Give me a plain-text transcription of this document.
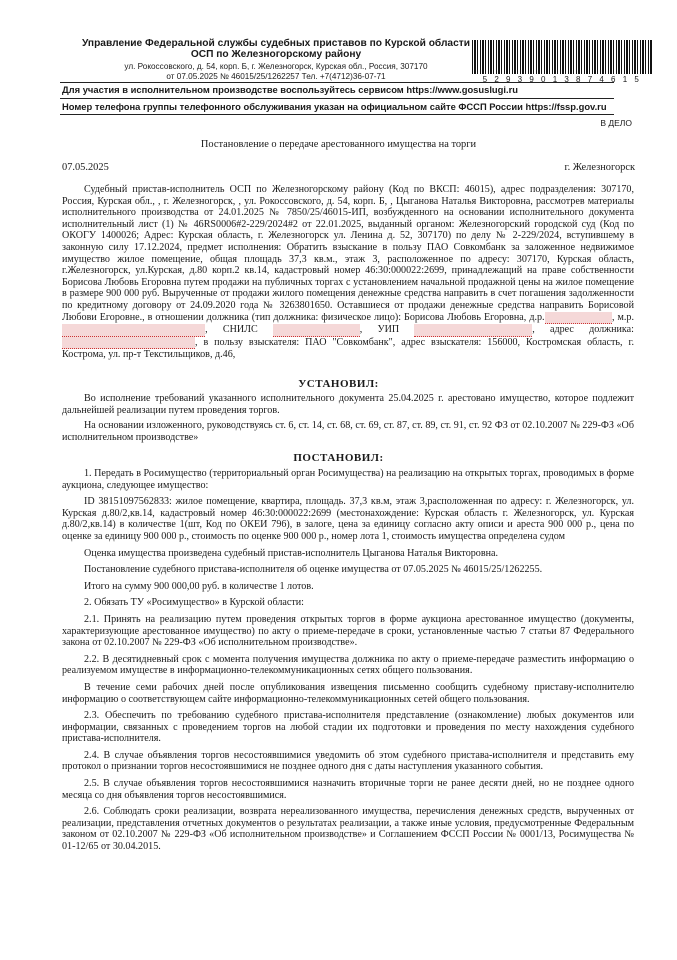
Управление Федеральной службы судебных приставов по Курской области
ОСП по Железногорскому району
ул. Рокоссовского, д. 54, корп. Б, г. Железногорск, Курская обл., Россия, 307170
от 07.05.2025 № 46015/25/1262257 Тел. +7(4712)36-07-71	5 2 9 3 9 0 1 3 8 7 4 6 1 5
Для участия в исполнительном производстве воспользуйтесь сервисом https://www.gosuslugi.ru
Номер телефона группы телефонного обслуживания указан на официальном сайте ФССП России https://fssp.gov.ru
В ДЕЛО
Постановление о передаче арестованного имущества на торги
07.05.2025	г. Железногорск

Судебный пристав-исполнитель ОСП по Железногорскому району (Код по ВКСП: 46015), адрес подразделения: 307170, Россия, Курская обл., , г. Железногорск, , ул. Рокоссовского, д. 54, корп. Б, , Цыганова Наталья Викторовна, рассмотрев материалы исполнительного производства от 24.01.2025 № 7850/25/46015-ИП, возбужденного на основании исполнительного документа исполнительный лист (1) № 46RS0006#2-229/2024#2 от 22.01.2025, выданный органом: Железногорский городской суд (Код по ОКОГУ 1400026; Адрес: Курская область, г. Железногорск ул. Ленина д. 52, 307170) по делу № 2-229/2024, вступившему в законную силу 17.12.2024, предмет исполнения: Обратить взыскание в пользу ПАО Совкомбанк за заложенное недвижимое имущество жилое помещение, общая площадь 37,3 кв.м., этаж 3, расположенное по адресу: 307170, Курская область, г.Железногорск, ул.Курская, д.80 корп.2 кв.14, кадастровый номер 46:30:000022:2699, принадлежащий на праве собственности Борисова Любовь Егоровна путем продажи на публичных торгах с установлением начальной продажной цены на жилое помещение в размере 900 000 руб. Вырученные от продажи жилого помещения денежные средства направить в счет погашения задолженности по кредитному договору от 24.09.2020 года № 3263801650. Оставшиеся от продажи денежные средства направить Борисовой Любови Егоровне., в отношении должника (тип должника: физическое лицо): Борисова Любовь Егоровна, д.р.	, м.р. , СНИЛС	, УИП	, адрес должника: , в пользу взыскателя: ПАО "Совкомбанк", адрес взыскателя: 156000, Костромская область, г. Кострома, ул. пр-т Текстильщиков, д.46,

УСТАНОВИЛ:

Во исполнение требований указанного исполнительного документа 25.04.2025 г. арестовано имущество, которое подлежит дальнейшей реализации путем проведения торгов.

На основании изложенного, руководствуясь ст. 6, ст. 14, ст. 68, ст. 69, ст. 87, ст. 89, ст. 91, ст. 92 ФЗ от 02.10.2007 № 229-ФЗ «Об исполнительном производстве»

ПОСТАНОВИЛ:

1. Передать в Росимущество (территориальный орган Росимущества) на реализацию на открытых торгах, проводимых в форме аукциона, следующее имущество:

ID 38151097562833: жилое помещение, квартира, площадь. 37,3 кв.м, этаж 3,расположенная по адресу: г. Железногорск, ул. Курская д.80/2,кв.14, кадастровый номер 46:30:000022:2699 (местонахождение: Курская область г. Железногорск, ул. Курская д.80/2,кв.14) в количестве 1(шт, Код по ОКЕИ 796), в залоге, цена за единицу согласно акту описи и ареста 900 000 р., цена по оценке за единицу 900 000 р., стоимость по оценке 900 000 р., номер лота 1, стоимость имущества определена судом

Оценка имущества произведена судебный пристав-исполнитель Цыганова Наталья Викторовна.

Постановление судебного пристава-исполнителя об оценке имущества от 07.05.2025 № 46015/25/1262255.

Итого на сумму 900 000,00 руб. в количестве 1 лотов.

2. Обязать ТУ «Росимущество» в Курской области:

2.1. Принять на реализацию путем проведения открытых торгов в форме аукциона арестованное имущество (документы, характеризующие арестованное имущество) по акту о приеме-передаче в сроки, установленные частью 7 статьи 87 Федерального закона от 02.10.2007 № 229-ФЗ «Об исполнительном производстве».

2.2. В десятидневный срок с момента получения имущества должника по акту о приеме-передаче разместить информацию о реализуемом имуществе в информационно-телекоммуникационных сетях общего пользования.

В течение семи рабочих дней после опубликования извещения письменно сообщить судебному приставу-исполнителю информацию о соответствующем сайте информационно-телекоммуникационных сетей общего пользования.

2.3. Обеспечить по требованию судебного пристава-исполнителя представление (ознакомление) любых документов или информации, связанных с проведением торгов на любой стадии их подготовки и проведения по месту нахождения судебного пристава-исполнителя.

2.4. В случае объявления торгов несостоявшимися уведомить об этом судебного пристава-исполнителя и представить ему протокол о признании торгов несостоявшимися не позднее одного дня с даты наступления указанного события.

2.5. В случае объявления торгов несостоявшимися назначить вторичные торги не ранее десяти дней, но не позднее одного месяца со дня объявления торгов несостоявшимися.

2.6. Соблюдать сроки реализации, возврата нереализованного имущества, перечисления денежных средств, вырученных от реализации, представления отчетных документов о результатах реализации, а также иные условия, предусмотренные Федеральным законом от 02.10.2007 № 229-ФЗ «Об исполнительном производстве» и Соглашением ФССП России № 0001/13, Росимущества № 01-12/65 от 30.04.2015.
